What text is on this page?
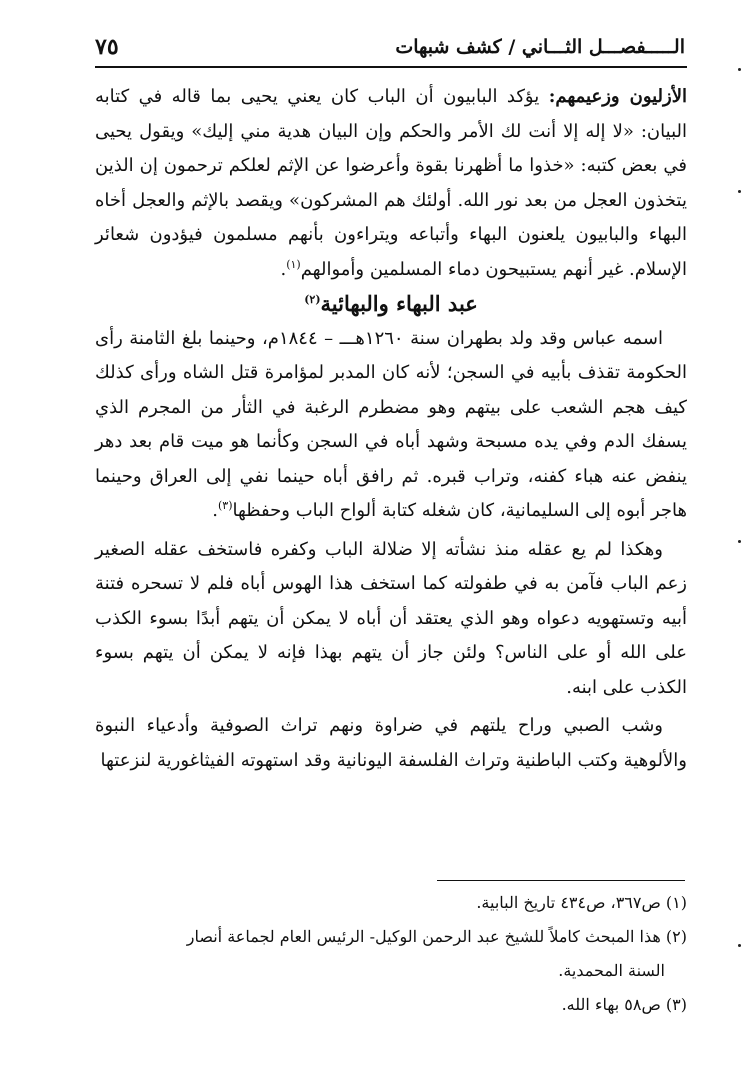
الـــــفصـــل الثـــاني / كشف شبهات
٧٥

الأزليون وزعيمهم: يؤكد البابيون أن الباب كان يعني يحيى بما قاله في كتابه البيان: «لا إله إلا أنت لك الأمر والحكم وإن البيان هدية مني إليك» ويقول يحيى في بعض كتبه: «خذوا ما أظهرنا بقوة وأعرضوا عن الإثم لعلكم ترحمون إن الذين يتخذون العجل من بعد نور الله. أولئك هم المشركون» ويقصد بالإثم والعجل أخاه البهاء والبابيون يلعنون البهاء وأتباعه ويتراءون بأنهم مسلمون فيؤدون شعائر الإسلام. غير أنهم يستبيحون دماء المسلمين وأموالهم$^{(١)}$.

عبد البهاء والبهائية$^{(٢)}$

اسمه عباس وقد ولد بطهران سنة ١٢٦٠هـــ – ١٨٤٤م، وحينما بلغ الثامنة رأى الحكومة تقذف بأبيه في السجن؛ لأنه كان المدبر لمؤامرة قتل الشاه ورأى كذلك كيف هجم الشعب على بيتهم وهو مضطرم الرغبة في الثأر من المجرم الذي يسفك الدم وفي يده مسبحة وشهد أباه في السجن وكأنما هو ميت قام بعد دهر ينفض عنه هباء كفنه، وتراب قبره. ثم رافق أباه حينما نفي إلى العراق وحينما هاجر أبوه إلى السليمانية، كان شغله كتابة ألواح الباب وحفظها$^{(٣)}$.

وهكذا لم يع عقله منذ نشأته إلا ضلالة الباب وكفره فاستخف عقله الصغير زعم الباب فآمن به في طفولته كما استخف هذا الهوس أباه فلم لا تسحره فتنة أبيه وتستهويه دعواه وهو الذي يعتقد أن أباه لا يمكن أن يتهم أبدًا بسوء الكذب على الله أو على الناس؟ ولئن جاز أن يتهم بهذا فإنه لا يمكن أن يتهم بسوء الكذب على ابنه.

وشب الصبي وراح يلتهم في ضراوة ونهم تراث الصوفية وأدعياء النبوة والألوهية وكتب الباطنية وتراث الفلسفة اليونانية وقد استهوته الفيثاغورية لنزعتها

(١) ص٣٦٧، ص٤٣٤ تاريخ البابية.

(٢) هذا المبحث كاملاً للشيخ عبد الرحمن الوكيل- الرئيس العام لجماعة أنصار

السنة المحمدية.

(٣) ص٥٨ بهاء الله.
